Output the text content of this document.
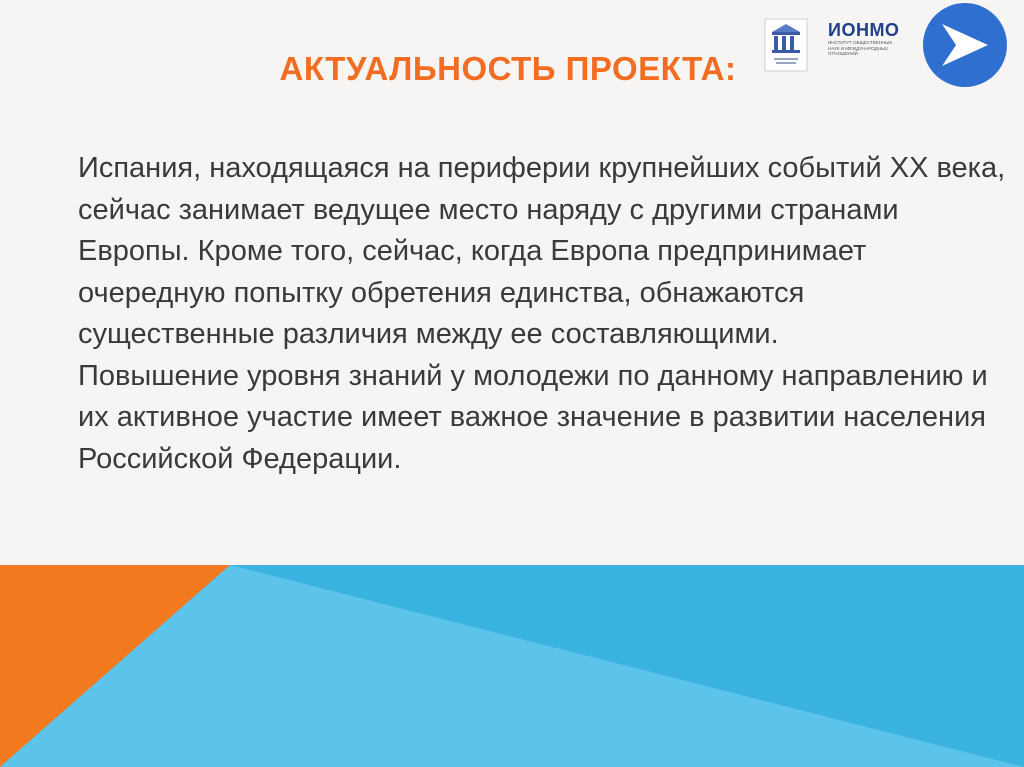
ИОНМО
ИНСТИТУТ ОБЩЕСТВЕННЫХ НАУК И МЕЖДУНАРОДНЫХ ОТНОШЕНИЙ
АКТУАЛЬНОСТЬ ПРОЕКТА:

Испания, находящаяся на периферии крупнейших событий XX века, сейчас занимает ведущее место наряду с другими странами Европы. Кроме того, сейчас, когда Европа предпринимает очередную попытку обретения единства, обнажаются существенные различия между ее составляющими.

Повышение уровня знаний у молодежи по данному направлению и их активное участие имеет важное значение в развитии населения Российской Федерации.
